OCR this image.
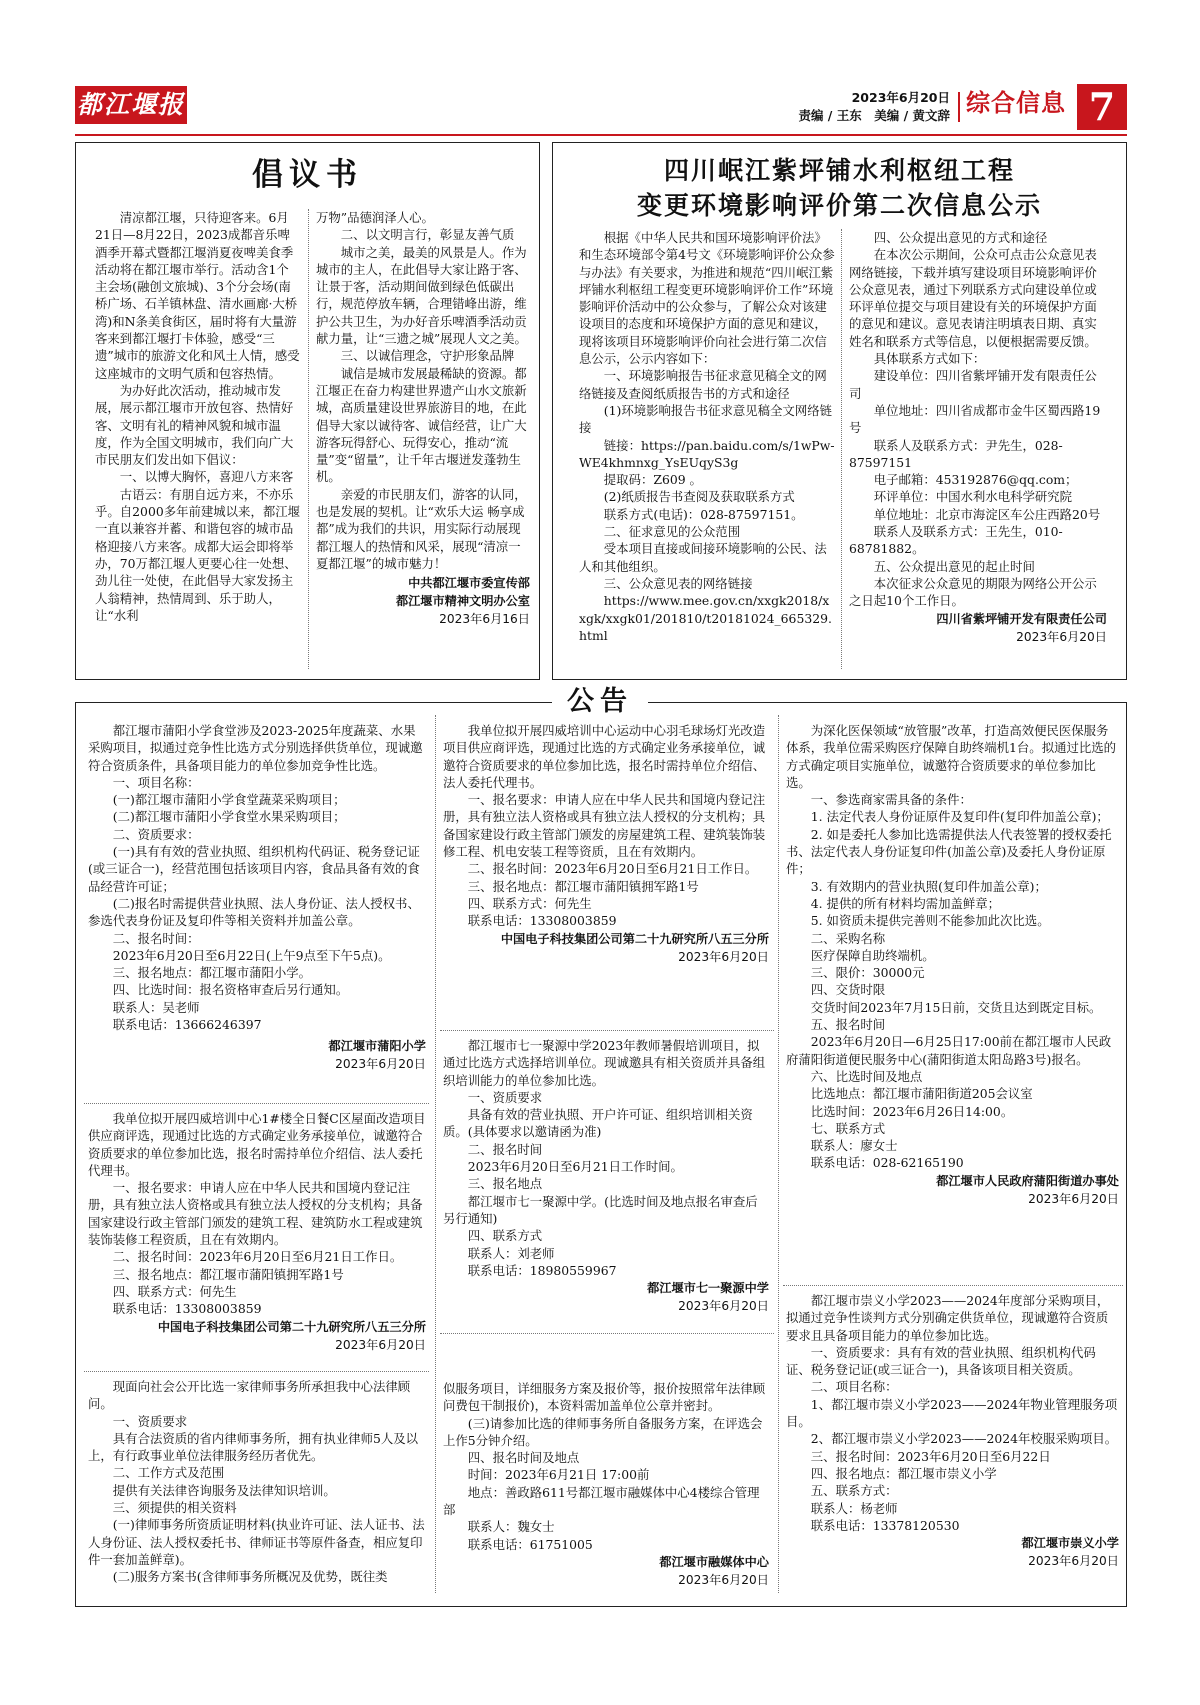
都江堰报	2023年6月20日
责编 / 王东　美编 / 黄文辞 综合信息 7
倡议书

清凉都江堰，只待迎客来。6月21日—8月22日，2023成都音乐啤酒季开幕式暨都江堰消夏夜啤美食季活动将在都江堰市举行。活动含1个主会场(融创文旅城)、3个分会场(南桥广场、石羊镇林盘、清水画廊·大桥湾)和N条美食街区，届时将有大量游客来到都江堰打卡体验，感受“三遗”城市的旅游文化和风土人情，感受这座城市的文明气质和包容热情。

为办好此次活动，推动城市发展，展示都江堰市开放包容、热情好客、文明有礼的精神风貌和城市温度，作为全国文明城市，我们向广大市民朋友们发出如下倡议：

一、以博大胸怀，喜迎八方来客

古语云：有朋自远方来，不亦乐乎。自2000多年前建城以来，都江堰一直以兼容并蓄、和谐包容的城市品格迎接八方来客。成都大运会即将举办，70万都江堰人更要心往一处想、劲儿往一处使，在此倡导大家发扬主人翁精神，热情周到、乐于助人，让“水利

万物”品德润泽人心。

二、以文明言行，彰显友善气质

城市之美，最美的风景是人。作为城市的主人，在此倡导大家让路于客、让景于客，活动期间做到绿色低碳出行，规范停放车辆，合理错峰出游，维护公共卫生，为办好音乐啤酒季活动贡献力量，让“三遗之城”展现人文之美。

三、以诚信理念，守护形象品牌

诚信是城市发展最稀缺的资源。都江堰正在奋力构建世界遗产山水文旅新城，高质量建设世界旅游目的地，在此倡导大家以诚待客、诚信经营，让广大游客玩得舒心、玩得安心，推动“流量”变“留量”，让千年古堰迸发蓬勃生机。

亲爱的市民朋友们，游客的认同，也是发展的契机。让“欢乐大运 畅享成都”成为我们的共识，用实际行动展现都江堰人的热情和风采，展现“清凉一夏都江堰”的城市魅力！

中共都江堰市委宣传部
都江堰市精神文明办公室
2023年6月16日
四川岷江紫坪铺水利枢纽工程
变更环境影响评价第二次信息公示

根据《中华人民共和国环境影响评价法》和生态环境部令第4号文《环境影响评价公众参与办法》有关要求，为推进和规范“四川岷江紫坪铺水利枢纽工程变更环境影响评价工作”环境影响评价活动中的公众参与，了解公众对该建设项目的态度和环境保护方面的意见和建议，现将该项目环境影响评价向社会进行第二次信息公示，公示内容如下：

一、环境影响报告书征求意见稿全文的网络链接及查阅纸质报告书的方式和途径

(1)环境影响报告书征求意见稿全文网络链接

链接：https://pan.baidu.com/s/1wPw-WE4khmnxg_YsEUqyS3g

提取码：Z609 。

(2)纸质报告书查阅及获取联系方式

联系方式(电话)：028-87597151。

二、征求意见的公众范围

受本项目直接或间接环境影响的公民、法人和其他组织。

三、公众意见表的网络链接

https://www.mee.gov.cn/xxgk2018/xxgk/xxgk01/201810/t20181024_665329.html

四、公众提出意见的方式和途径

在本次公示期间，公众可点击公众意见表网络链接，下载并填写建设项目环境影响评价公众意见表，通过下列联系方式向建设单位或环评单位提交与项目建设有关的环境保护方面的意见和建议。意见表请注明填表日期、真实姓名和联系方式等信息，以便根据需要反馈。

具体联系方式如下：

建设单位：四川省紫坪铺开发有限责任公司

单位地址：四川省成都市金牛区蜀西路19号

联系人及联系方式：尹先生，028-87597151

电子邮箱：453192876@qq.com；

环评单位：中国水利水电科学研究院

单位地址：北京市海淀区车公庄西路20号

联系人及联系方式：王先生，010-68781882。

五、公众提出意见的起止时间

本次征求公众意见的期限为网络公开公示之日起10个工作日。

四川省紫坪铺开发有限责任公司
2023年6月20日
公告

都江堰市蒲阳小学食堂涉及2023-2025年度蔬菜、水果采购项目，拟通过竞争性比选方式分别选择供货单位，现诚邀符合资质条件，具备项目能力的单位参加竞争性比选。

一、项目名称：

(一)都江堰市蒲阳小学食堂蔬菜采购项目；

(二)都江堰市蒲阳小学食堂水果采购项目；

二、资质要求：

(一)具有有效的营业执照、组织机构代码证、税务登记证(或三证合一)，经营范围包括该项目内容，食品具备有效的食品经营许可证；

(二)报名时需提供营业执照、法人身份证、法人授权书、参选代表身份证及复印件等相关资料并加盖公章。

二、报名时间：

2023年6月20日至6月22日(上午9点至下午5点)。

三、报名地点：都江堰市蒲阳小学。

四、比选时间：报名资格审查后另行通知。

联系人：吴老师

联系电话：13666246397

都江堰市蒲阳小学
2023年6月20日

我单位拟开展四威培训中心1#楼全日餐C区屋面改造项目供应商评选，现通过比选的方式确定业务承接单位，诚邀符合资质要求的单位参加比选，报名时需持单位介绍信、法人委托代理书。

一、报名要求：申请人应在中华人民共和国境内登记注册，具有独立法人资格或具有独立法人授权的分支机构；具备国家建设行政主管部门颁发的建筑工程、建筑防水工程或建筑装饰装修工程资质，且在有效期内。

二、报名时间：2023年6月20日至6月21日工作日。

三、报名地点：都江堰市蒲阳镇拥军路1号

四、联系方式：何先生

联系电话：13308003859

中国电子科技集团公司第二十九研究所八五三分所
2023年6月20日

现面向社会公开比选一家律师事务所承担我中心法律顾问。

一、资质要求

具有合法资质的省内律师事务所，拥有执业律师5人及以上，有行政事业单位法律服务经历者优先。

二、工作方式及范围

提供有关法律咨询服务及法律知识培训。

三、须提供的相关资料

(一)律师事务所资质证明材料(执业许可证、法人证书、法人身份证、法人授权委托书、律师证书等原件备查，相应复印件一套加盖鲜章)。

(二)服务方案书(含律师事务所概况及优势，既往类

我单位拟开展四威培训中心运动中心羽毛球场灯光改造项目供应商评选，现通过比选的方式确定业务承接单位，诚邀符合资质要求的单位参加比选，报名时需持单位介绍信、法人委托代理书。

一、报名要求：申请人应在中华人民共和国境内登记注册，具有独立法人资格或具有独立法人授权的分支机构；具备国家建设行政主管部门颁发的房屋建筑工程、建筑装饰装修工程、机电安装工程等资质，且在有效期内。

二、报名时间：2023年6月20日至6月21日工作日。

三、报名地点：都江堰市蒲阳镇拥军路1号

四、联系方式：何先生

联系电话：13308003859

中国电子科技集团公司第二十九研究所八五三分所
2023年6月20日

都江堰市七一聚源中学2023年教师暑假培训项目，拟通过比选方式选择培训单位。现诚邀具有相关资质并具备组织培训能力的单位参加比选。

一、资质要求

具备有效的营业执照、开户许可证、组织培训相关资质。(具体要求以邀请函为准)

二、报名时间

2023年6月20日至6月21日工作时间。

三、报名地点

都江堰市七一聚源中学。(比选时间及地点报名审查后另行通知)

四、联系方式

联系人：刘老师

联系电话：18980559967

都江堰市七一聚源中学
2023年6月20日

似服务项目，详细服务方案及报价等，报价按照常年法律顾问费包干制报价)，本资料需加盖单位公章并密封。

(三)请参加比选的律师事务所自备服务方案，在评选会上作5分钟介绍。

四、报名时间及地点

时间：2023年6月21日 17:00前

地点：善政路611号都江堰市融媒体中心4楼综合管理部

联系人：魏女士

联系电话：61751005

都江堰市融媒体中心
2023年6月20日

为深化医保领域“放管服”改革，打造高效便民医保服务体系，我单位需采购医疗保障自助终端机1台。拟通过比选的方式确定项目实施单位，诚邀符合资质要求的单位参加比选。

一、参选商家需具备的条件：

1. 法定代表人身份证原件及复印件(复印件加盖公章)；

2. 如是委托人参加比选需提供法人代表签署的授权委托书、法定代表人身份证复印件(加盖公章)及委托人身份证原件；

3. 有效期内的营业执照(复印件加盖公章)；

4. 提供的所有材料均需加盖鲜章；

5. 如资质未提供完善则不能参加此次比选。

二、采购名称

医疗保障自助终端机。

三、限价：30000元

四、交货时限

交货时间2023年7月15日前，交货且达到既定目标。

五、报名时间

2023年6月20日—6月25日17:00前在都江堰市人民政府蒲阳街道便民服务中心(蒲阳街道太阳岛路3号)报名。

六、比选时间及地点

比选地点：都江堰市蒲阳街道205会议室

比选时间：2023年6月26日14:00。

七、联系方式

联系人：廖女士

联系电话：028-62165190

都江堰市人民政府蒲阳街道办事处
2023年6月20日

都江堰市崇义小学2023——2024年度部分采购项目，拟通过竞争性谈判方式分别确定供货单位，现诚邀符合资质要求且具备项目能力的单位参加比选。

一、资质要求：具有有效的营业执照、组织机构代码证、税务登记证(或三证合一)，具备该项目相关资质。

二、项目名称：

1、都江堰市崇义小学2023——2024年物业管理服务项目。

2、都江堰市崇义小学2023——2024年校服采购项目。

三、报名时间：2023年6月20日至6月22日

四、报名地点：都江堰市崇义小学

五、联系方式：

联系人：杨老师

联系电话：13378120530

都江堰市崇义小学
2023年6月20日
